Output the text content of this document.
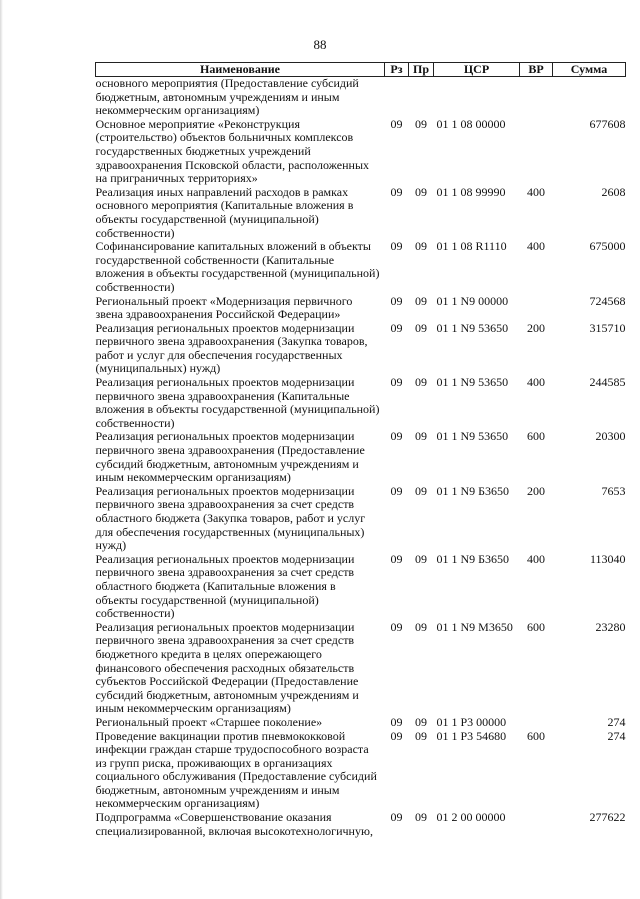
88
Наименование	Рз	Пр	ЦСР	ВР	Сумма
основного мероприятия (Предоставление субсидий бюджетным, автономным учреждениям и иным некоммерческим организациям)					
Основное мероприятие «Реконструкция (строительство) объектов больничных комплексов государственных бюджетных учреждений здравоохранения Псковской области, расположенных на приграничных территориях»	09	09	01 1 08 00000		677608
Реализация иных направлений расходов в рамках основного мероприятия (Капитальные вложения в объекты государственной (муниципальной) собственности)	09	09	01 1 08 99990	400	2608
Софинансирование капитальных вложений в объекты государственной собственности (Капитальные вложения в объекты государственной (муниципальной) собственности)	09	09	01 1 08 R1110	400	675000
Региональный проект «Модернизация первичного звена здравоохранения Российской Федерации»	09	09	01 1 N9 00000		724568
Реализация региональных проектов модернизации первичного звена здравоохранения (Закупка товаров, работ и услуг для обеспечения государственных (муниципальных) нужд)	09	09	01 1 N9 53650	200	315710
Реализация региональных проектов модернизации первичного звена здравоохранения (Капитальные вложения в объекты государственной (муниципальной) собственности)	09	09	01 1 N9 53650	400	244585
Реализация региональных проектов модернизации первичного звена здравоохранения (Предоставление субсидий бюджетным, автономным учреждениям и иным некоммерческим организациям)	09	09	01 1 N9 53650	600	20300
Реализация региональных проектов модернизации первичного звена здравоохранения за счет средств областного бюджета (Закупка товаров, работ и услуг для обеспечения государственных (муниципальных) нужд)	09	09	01 1 N9 Б3650	200	7653
Реализация региональных проектов модернизации первичного звена здравоохранения за счет средств областного бюджета (Капитальные вложения в объекты государственной (муниципальной) собственности)	09	09	01 1 N9 Б3650	400	113040
Реализация региональных проектов модернизации первичного звена здравоохранения за счет средств бюджетного кредита в целях опережающего финансового обеспечения расходных обязательств субъектов Российской Федерации (Предоставление субсидий бюджетным, автономным учреждениям и иным некоммерческим организациям)	09	09	01 1 N9 М3650	600	23280
Региональный проект «Старшее поколение»	09	09	01 1 P3 00000		274
Проведение вакцинации против пневмококковой инфекции граждан старше трудоспособного возраста из групп риска, проживающих в организациях социального обслуживания (Предоставление субсидий бюджетным, автономным учреждениям и иным некоммерческим организациям)	09	09	01 1 P3 54680	600	274
Подпрограмма «Совершенствование оказания специализированной, включая высокотехнологичную,	09	09	01 2 00 00000		277622
